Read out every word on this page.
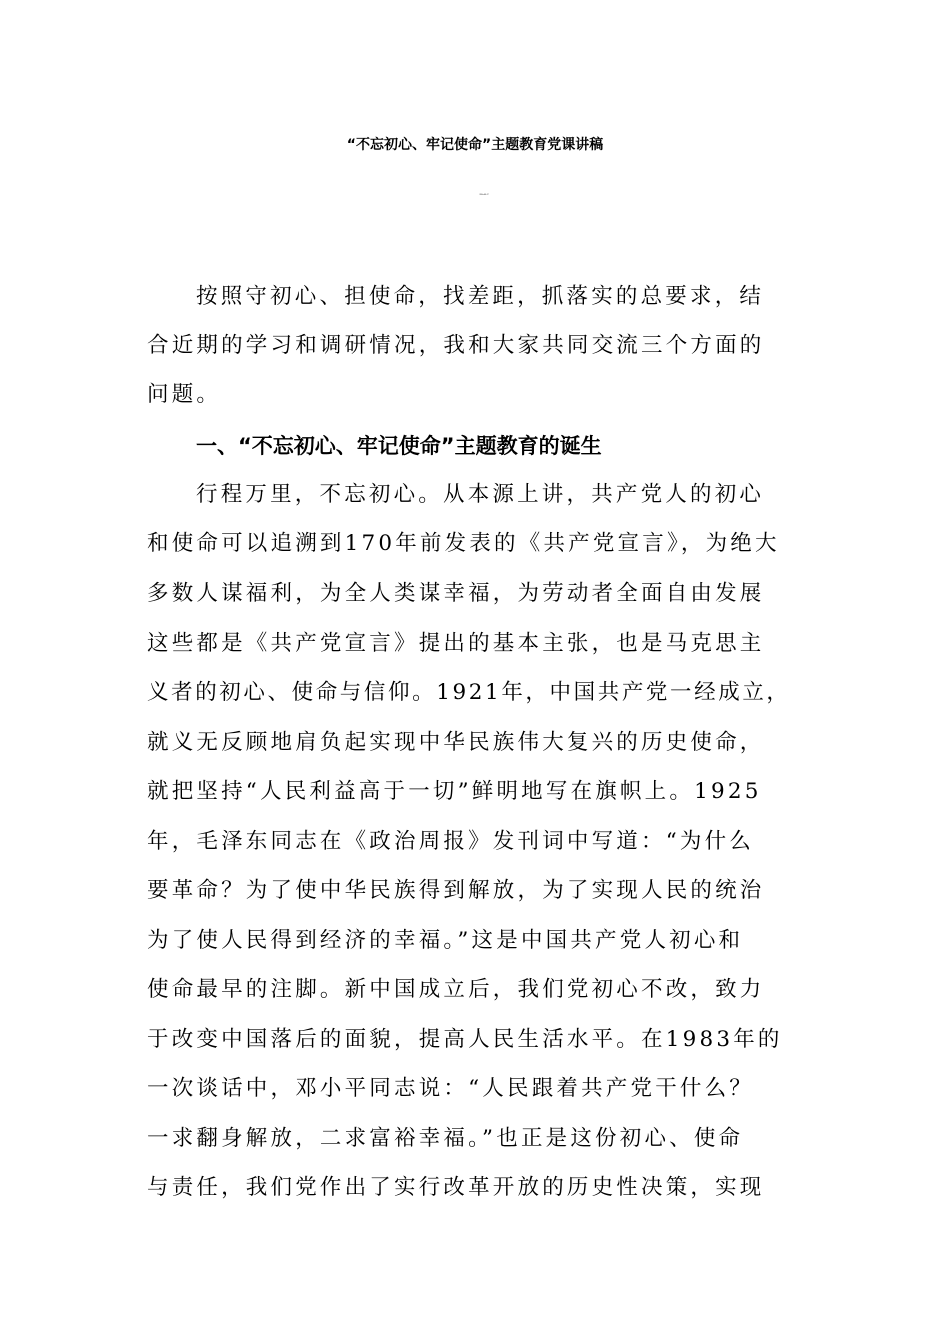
“不忘初心、牢记使命”主题教育党课讲稿
202x-06-17
按照守初心、担使命，找差距，抓落实的总要求，结
合近期的学习和调研情况，我和大家共同交流三个方面的
问题。
一、“不忘初心、牢记使命”主题教育的诞生
行程万里，不忘初心。从本源上讲，共产党人的初心
和使命可以追溯到170年前发表的《共产党宣言》，为绝大
多数人谋福利，为全人类谋幸福，为劳动者全面自由发展
这些都是《共产党宣言》提出的基本主张，也是马克思主
义者的初心、使命与信仰。1921年，中国共产党一经成立，
就义无反顾地肩负起实现中华民族伟大复兴的历史使命，
就把坚持“人民利益高于一切”鲜明地写在旗帜上。1925
年，毛泽东同志在《政治周报》发刊词中写道：“为什么
要革命？为了使中华民族得到解放，为了实现人民的统治
为了使人民得到经济的幸福。”这是中国共产党人初心和
使命最早的注脚。新中国成立后，我们党初心不改，致力
于改变中国落后的面貌，提高人民生活水平。在1983年的
一次谈话中，邓小平同志说：“人民跟着共产党干什么？
一求翻身解放，二求富裕幸福。”也正是这份初心、使命
与责任，我们党作出了实行改革开放的历史性决策，实现
